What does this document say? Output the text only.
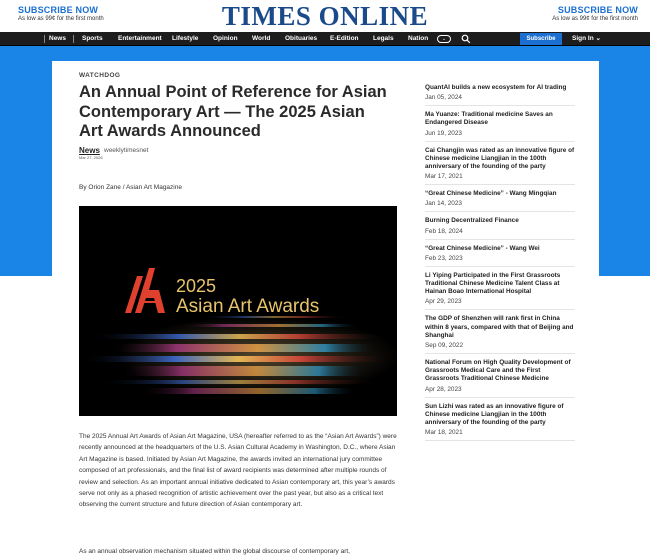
SUBSCRIBE NOW
As low as 99¢ for the first month	TIMES ONLINE	SUBSCRIBE NOW
As low as 99¢ for the first month
News Sports Entertainment Lifestyle Opinion World Obituaries	E-Edition Legals Nation	⌄	Subscribe	Sign In ⌄
WATCHDOG
An Annual Point of Reference for Asian Contemporary Art — The 2025 Asian Art Awards Announced
News weeklytimesnet
Mar 27, 2026
By Orion Zane / Asian Art Magazine
2025
Asian Art Awards

The 2025 Annual Art Awards of Asian Art Magazine, USA (hereafter referred to as the “Asian Art Awards”) were recently announced at the headquarters of the U.S. Asian Cultural Academy in Washington, D.C., where Asian Art Magazine is based. Initiated by Asian Art Magazine, the awards invited an international jury committee composed of art professionals, and the final list of award recipients was determined after multiple rounds of review and selection. As an important annual initiative dedicated to Asian contemporary art, this year’s awards serve not only as a phased recognition of artistic achievement over the past year, but also as a critical text observing the current structure and future direction of Asian contemporary art.

As an annual observation mechanism situated within the global discourse of contemporary art,

QuantAI builds a new ecosystem for AI trading
Jan 05, 2024
Ma Yuanze: Traditional medicine Saves an Endangered Disease
Jun 19, 2023
Cai Changjin was rated as an innovative figure of Chinese medicine Liangjian in the 100th anniversary of the founding of the party
Mar 17, 2021
“Great Chinese Medicine” - Wang Mingqian
Jan 14, 2023
Burning Decentralized Finance
Feb 18, 2024
“Great Chinese Medicine” - Wang Wei
Feb 23, 2023
Li Yiping Participated in the First Grassroots Traditional Chinese Medicine Talent Class at Hainan Boao International Hospital
Apr 29, 2023
The GDP of Shenzhen will rank first in China within 8 years, compared with that of Beijing and Shanghai
Sep 09, 2022
National Forum on High Quality Development of Grassroots Medical Care and the First Grassroots Traditional Chinese Medicine
Apr 28, 2023
Sun Lizhi was rated as an innovative figure of Chinese medicine Liangjian in the 100th anniversary of the founding of the party
Mar 18, 2021
